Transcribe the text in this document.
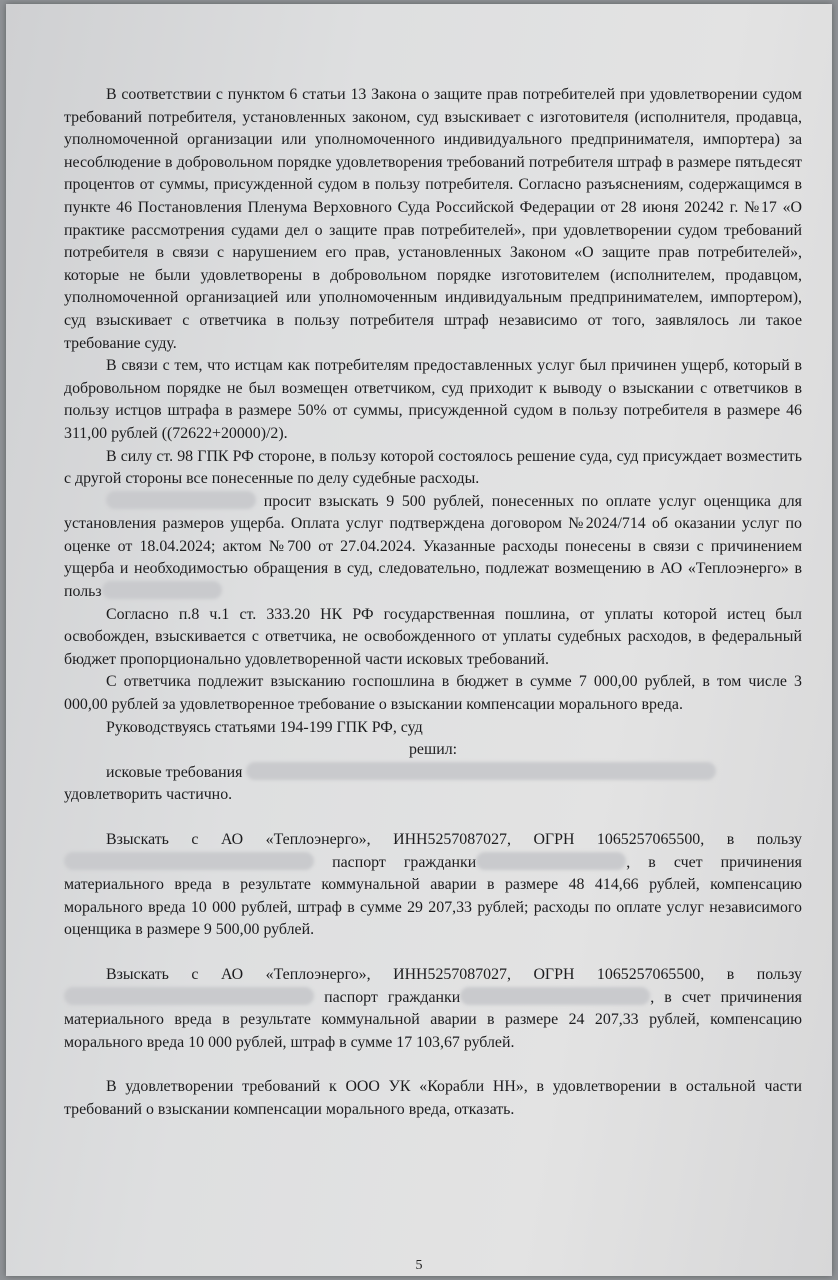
В соответствии с пунктом 6 статьи 13 Закона о защите прав потребителей при удовлетворении судом требований потребителя, установленных законом, суд взыскивает с изготовителя (исполнителя, продавца, уполномоченной организации или уполномоченного индивидуального предпринимателя, импортера) за несоблюдение в добровольном порядке удовлетворения требований потребителя штраф в размере пятьдесят процентов от суммы, присужденной судом в пользу потребителя. Согласно разъяснениям, содержащимся в пункте 46 Постановления Пленума Верховного Суда Российской Федерации от 28 июня 20242 г. №17 «О практике рассмотрения судами дел о защите прав потребителей», при удовлетворении судом требований потребителя в связи с нарушением его прав, установленных Законом «О защите прав потребителей», которые не были удовлетворены в добровольном порядке изготовителем (исполнителем, продавцом, уполномоченной организацией или уполномоченным индивидуальным предпринимателем, импортером), суд взыскивает с ответчика в пользу потребителя штраф независимо от того, заявлялось ли такое требование суду.

В связи с тем, что истцам как потребителям предоставленных услуг был причинен ущерб, который в добровольном порядке не был возмещен ответчиком, суд приходит к выводу о взыскании с ответчиков в пользу истцов штрафа в размере 50% от суммы, присужденной судом в пользу потребителя в размере 46 311,00 рублей ((72622+20000)/2).

В силу ст. 98 ГПК РФ стороне, в пользу которой состоялось решение суда, суд присуждает возместить с другой стороны все понесенные по делу судебные расходы.

просит взыскать 9 500 рублей, понесенных по оплате услуг оценщика для установления размеров ущерба. Оплата услуг подтверждена договором №2024/714 об оказании услуг по оценке от 18.04.2024; актом №700 от 27.04.2024. Указанные расходы понесены в связи с причинением ущерба и необходимостью обращения в суд, следовательно, подлежат возмещению в АО «Теплоэнерго» в польз

Согласно п.8 ч.1 ст. 333.20 НК РФ государственная пошлина, от уплаты которой истец был освобожден, взыскивается с ответчика, не освобожденного от уплаты судебных расходов, в федеральный бюджет пропорционально удовлетворенной части исковых требований.

С ответчика подлежит взысканию госпошлина в бюджет в сумме 7 000,00 рублей, в том числе 3 000,00 рублей за удовлетворенное требование о взыскании компенсации морального вреда.

Руководствуясь статьями 194-199 ГПК РФ, суд

решил:

исковые требования

удовлетворить частично.

Взыскать с АО «Теплоэнерго», ИНН5257087027, ОГРН 1065257065500, в пользу  паспорт гражданки	, в счет причинения материального вреда в результате коммунальной аварии в размере 48 414,66 рублей, компенсацию морального вреда 10 000 рублей, штраф в сумме 29 207,33 рублей; расходы по оплате услуг независимого оценщика в размере 9 500,00 рублей.

Взыскать с АО «Теплоэнерго», ИНН5257087027, ОГРН 1065257065500, в пользу  паспорт гражданки	, в счет причинения материального вреда в результате коммунальной аварии в размере 24 207,33 рублей, компенсацию морального вреда 10 000 рублей, штраф в сумме 17 103,67 рублей.

В удовлетворении требований к ООО УК «Корабли НН», в удовлетворении в остальной части требований о взыскании компенсации морального вреда, отказать.

5
